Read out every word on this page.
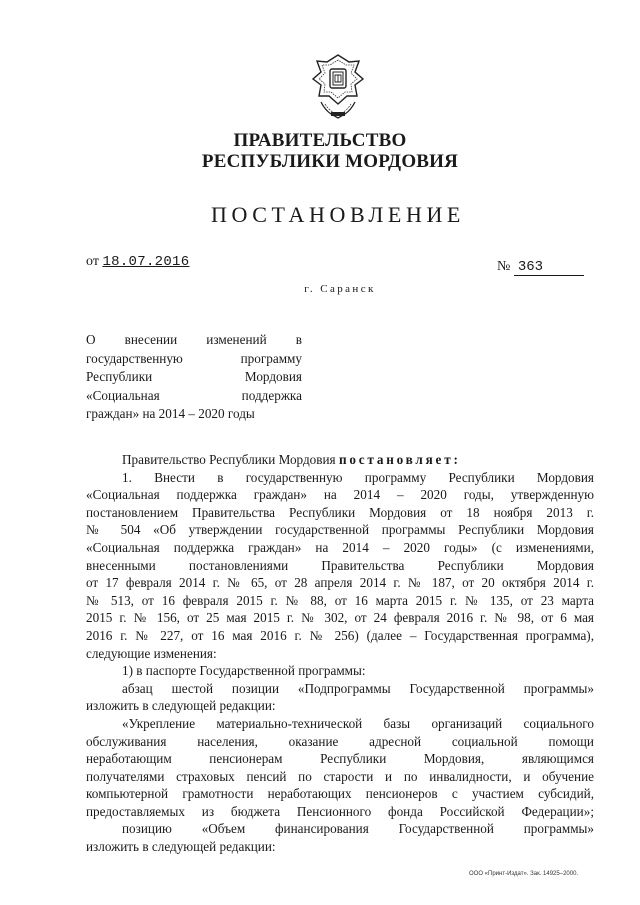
ПРАВИТЕЛЬСТВО
РЕСПУБЛИКИ МОРДОВИЯ
ПОСТАНОВЛЕНИЕ
от 18.07.2016	№ 363
г. Саранск
О внесении изменений в
государственную программу
Республики Мордовия
«Социальная поддержка
граждан» на 2014 – 2020 годы
Правительство Республики Мордовия постановляет:
1. Внести в государственную программу Республики Мордовия
«Социальная поддержка граждан» на 2014 – 2020 годы, утвержденную
постановлением Правительства Республики Мордовия от 18 ноября 2013 г.
№ 504 «Об утверждении государственной программы Республики Мордовия
«Социальная поддержка граждан» на 2014 – 2020 годы» (с изменениями,
внесенными постановлениями Правительства Республики Мордовия
от 17 февраля 2014 г. № 65, от 28 апреля 2014 г. № 187, от 20 октября 2014 г.
№ 513, от 16 февраля 2015 г. № 88, от 16 марта 2015 г. № 135, от 23 марта
2015 г. № 156, от 25 мая 2015 г. № 302, от 24 февраля 2016 г. № 98, от 6 мая
2016 г. № 227, от 16 мая 2016 г. № 256) (далее – Государственная программа),
следующие изменения:
1) в паспорте Государственной программы:
абзац шестой позиции «Подпрограммы Государственной программы»
изложить в следующей редакции:
«Укрепление материально-технической базы организаций социального
обслуживания населения, оказание адресной социальной помощи
неработающим пенсионерам Республики Мордовия, являющимся
получателями страховых пенсий по старости и по инвалидности, и обучение
компьютерной грамотности неработающих пенсионеров с участием субсидий,
предоставляемых из бюджета Пенсионного фонда Российской Федерации»;
позицию «Объем финансирования Государственной программы»
изложить в следующей редакции:
ООО «Принт-Издат». Зак. 14925–2000.
